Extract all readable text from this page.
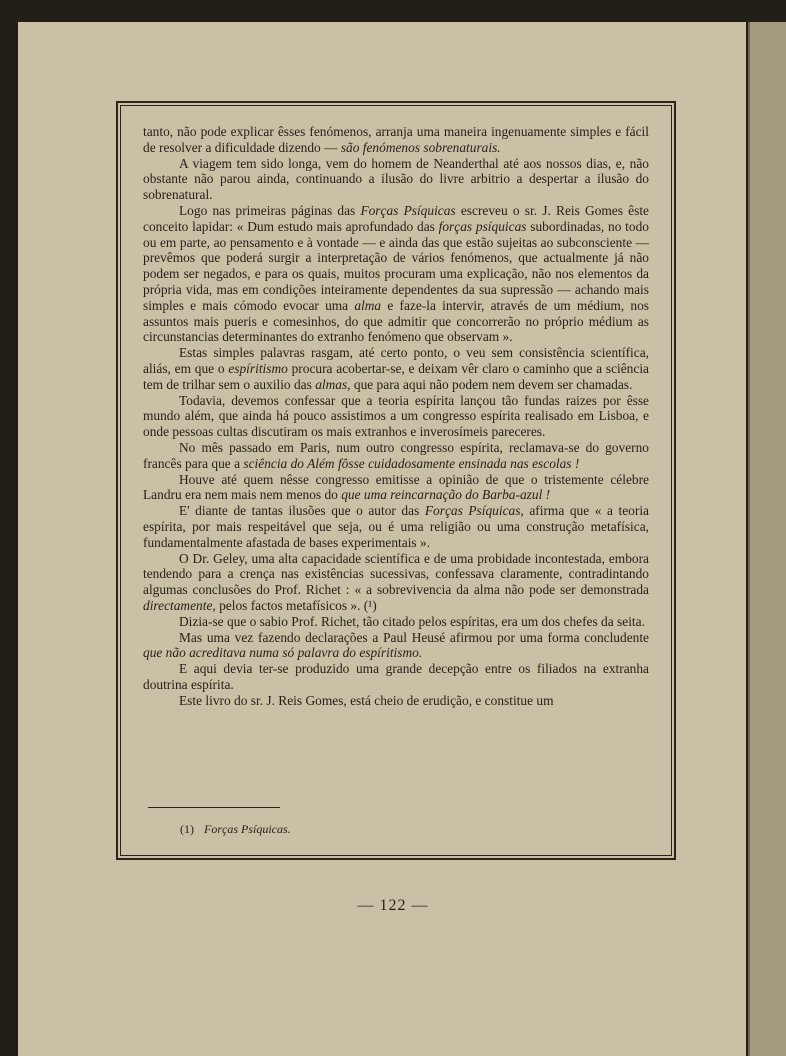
tanto, não pode explicar êsses fenómenos, arranja uma maneira ingenuamente simples e fácil de resolver a dificuldade dizendo — são fenómenos sobrenaturais.

A viagem tem sido longa, vem do homem de Neanderthal até aos nossos dias, e, não obstante não parou ainda, continuando a ilusão do livre arbitrio a despertar a ilusão do sobrenatural.

Logo nas primeiras páginas das Forças Psíquicas escreveu o sr. J. Reis Gomes êste conceito lapidar: « Dum estudo mais aprofundado das forças psíquicas subordinadas, no todo ou em parte, ao pensamento e à vontade — e ainda das que estão sujeitas ao subconsciente — prevêmos que poderá surgir a interpretação de vários fenómenos, que actualmente já não podem ser negados, e para os quais, muitos procuram uma explicação, não nos elementos da própria vida, mas em condições inteiramente dependentes da sua supressão — achando mais simples e mais cómodo evocar uma alma e faze-la intervir, através de um médium, nos assuntos mais pueris e comesinhos, do que admitir que concorrerão no próprio médium as circunstancias determinantes do extranho fenómeno que observam ».

Estas simples palavras rasgam, até certo ponto, o veu sem consistência scientífica, aliás, em que o espíritismo procura acobertar-se, e deixam vêr claro o caminho que a sciência tem de trilhar sem o auxilio das almas, que para aqui não podem nem devem ser chamadas.

Todavia, devemos confessar que a teoria espírita lançou tão fundas raizes por êsse mundo além, que ainda há pouco assistimos a um congresso espírita realisado em Lisboa, e onde pessoas cultas discutiram os mais extranhos e inverosímeis pareceres.

No mês passado em Paris, num outro congresso espírita, reclamava-se do governo francês para que a sciência do Além fôsse cuidadosamente ensinada nas escolas !

Houve até quem nêsse congresso emitisse a opinião de que o tristemente célebre Landru era nem mais nem menos do que uma reincarnação do Barba-azul !

E' diante de tantas ilusões que o autor das Forças Psíquicas, afirma que « a teoria espírita, por mais respeitável que seja, ou é uma religião ou uma construção metafísica, fundamentalmente afastada de bases experimentais ».

O Dr. Geley, uma alta capacidade scientífica e de uma probidade incontestada, embora tendendo para a crença nas existências sucessivas, confessava claramente, contradintando algumas conclusões do Prof. Richet : « a sobrevivencia da alma não pode ser demonstrada directamente, pelos factos metafísicos ». (¹)

Dizia-se que o sabio Prof. Richet, tão citado pelos espíritas, era um dos chefes da seita.

Mas uma vez fazendo declarações a Paul Heusé afirmou por uma forma concludente que não acreditava numa só palavra do espíritismo.

E aqui devia ter-se produzido uma grande decepção entre os filiados na extranha doutrina espírita.

Este livro do sr. J. Reis Gomes, está cheio de erudição, e constitue um

(1) Forças Psíquicas.
— 122 —
